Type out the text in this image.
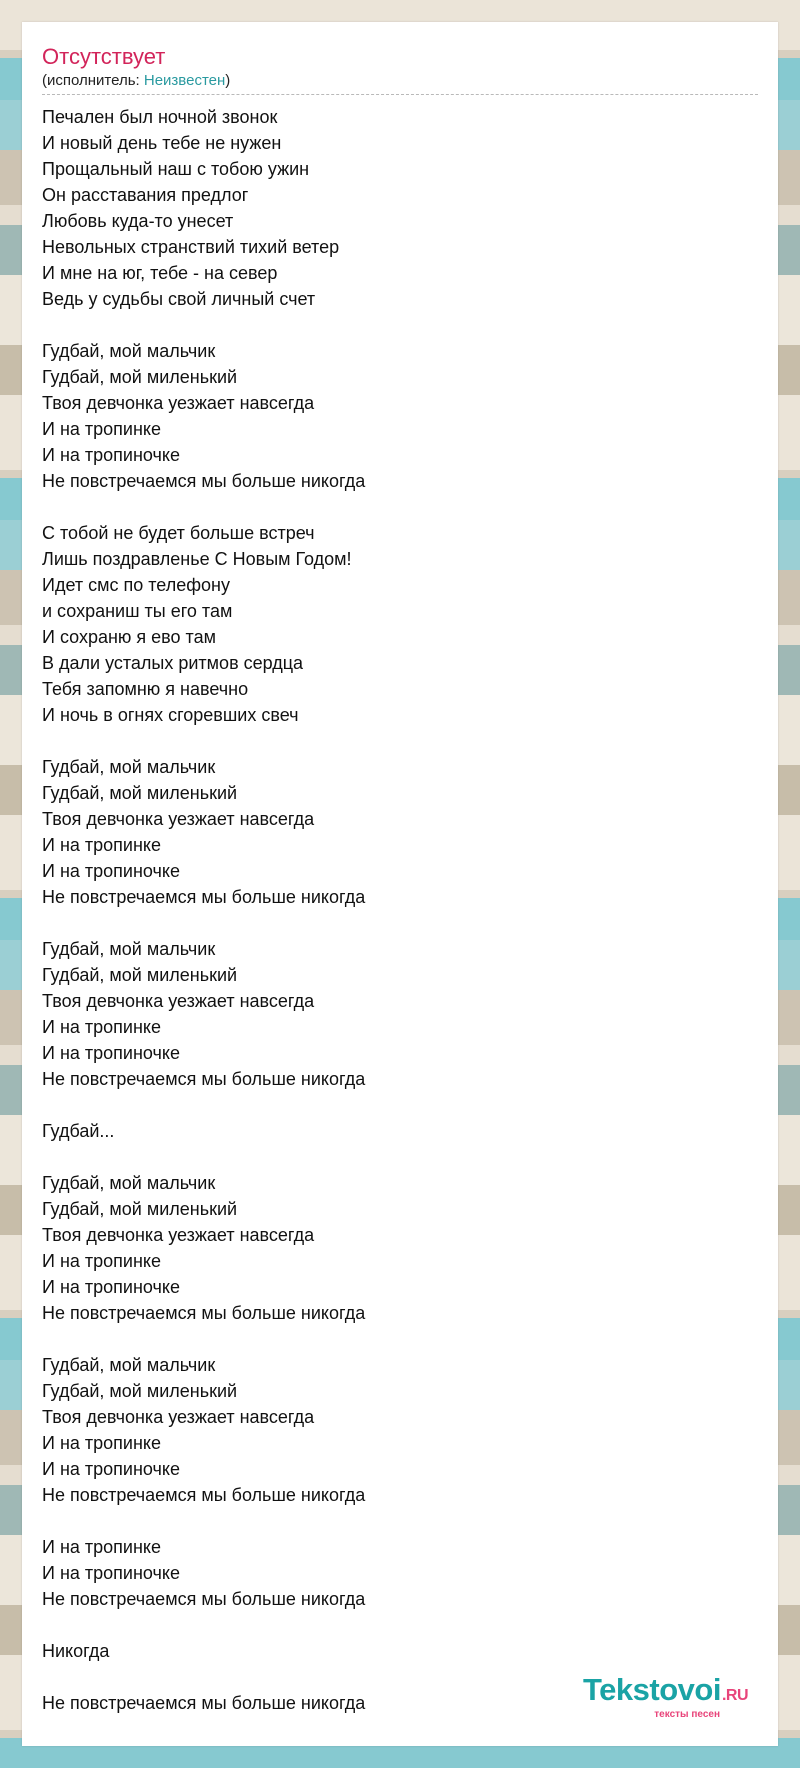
Отсутствует
(исполнитель: Неизвестен)
Печален был ночной звонок
И новый день тебе не нужен
Прощальный наш с тобою ужин
Он расставания предлог
Любовь куда-то унесет
Невольных странствий тихий ветер
И мне на юг, тебе - на север
Ведь у судьбы свой личный счет
Гудбай, мой мальчик
Гудбай, мой миленький
Твоя девчонка уезжает навсегда
И на тропинке
И на тропиночке
Не повстречаемся мы больше никогда
С тобой не будет больше встреч
Лишь поздравленье С Новым Годом!
Идет смс по телефону
и сохраниш ты его там
И сохраню я ево там
В дали усталых ритмов сердца
Тебя запомню я навечно
И ночь в огнях сгоревших свеч
Гудбай, мой мальчик
Гудбай, мой миленький
Твоя девчонка уезжает навсегда
И на тропинке
И на тропиночке
Не повстречаемся мы больше никогда
Гудбай, мой мальчик
Гудбай, мой миленький
Твоя девчонка уезжает навсегда
И на тропинке
И на тропиночке
Не повстречаемся мы больше никогда
Гудбай...
Гудбай, мой мальчик
Гудбай, мой миленький
Твоя девчонка уезжает навсегда
И на тропинке
И на тропиночке
Не повстречаемся мы больше никогда
Гудбай, мой мальчик
Гудбай, мой миленький
Твоя девчонка уезжает навсегда
И на тропинке
И на тропиночке
Не повстречаемся мы больше никогда
И на тропинке
И на тропиночке
Не повстречаемся мы больше никогда
Никогда
Не повстречаемся мы больше никогда	Tekstovoi.RU
тексты песен
